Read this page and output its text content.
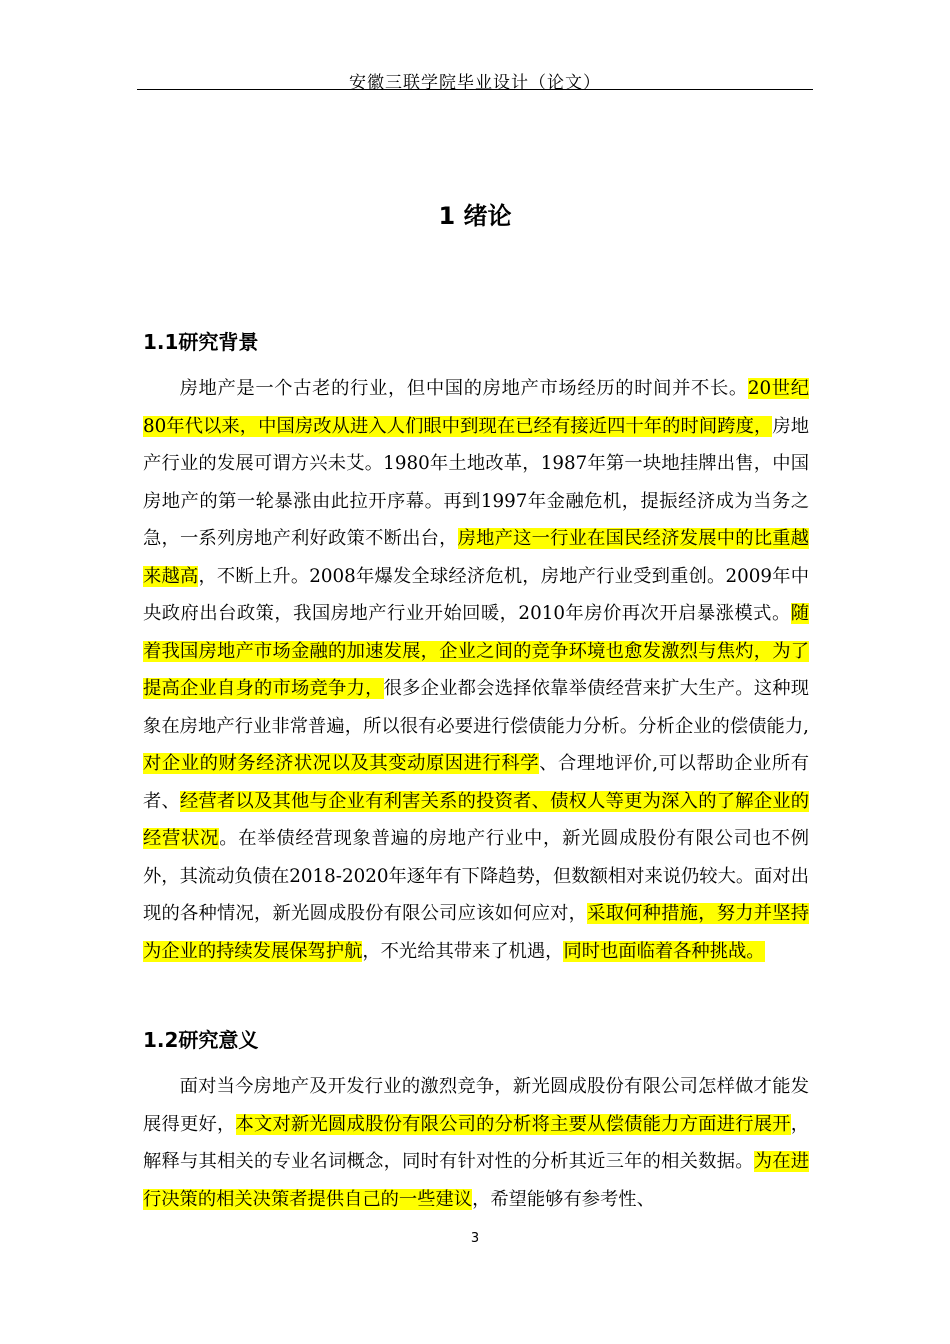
安徽三联学院毕业设计（论文）
1 绪论
1.1研究背景

房地产是一个古老的行业，但中国的房地产市场经历的时间并不长。20世纪80年代以来，中国房改从进入人们眼中到现在已经有接近四十年的时间跨度，房地产行业的发展可谓方兴未艾。1980年土地改革，1987年第一块地挂牌出售，中国房地产的第一轮暴涨由此拉开序幕。再到1997年金融危机，提振经济成为当务之急，一系列房地产利好政策不断出台，房地产这一行业在国民经济发展中的比重越来越高，不断上升。2008年爆发全球经济危机，房地产行业受到重创。2009年中央政府出台政策，我国房地产行业开始回暖，2010年房价再次开启暴涨模式。随着我国房地产市场金融的加速发展，企业之间的竞争环境也愈发激烈与焦灼，为了提高企业自身的市场竞争力，很多企业都会选择依靠举债经营来扩大生产。这种现象在房地产行业非常普遍，所以很有必要进行偿债能力分析。分析企业的偿债能力,对企业的财务经济状况以及其变动原因进行科学、合理地评价,可以帮助企业所有者、经营者以及其他与企业有利害关系的投资者、债权人等更为深入的了解企业的经营状况。在举债经营现象普遍的房地产行业中，新光圆成股份有限公司也不例外，其流动负债在2018-2020年逐年有下降趋势，但数额相对来说仍较大。面对出现的各种情况，新光圆成股份有限公司应该如何应对，采取何种措施，努力并坚持为企业的持续发展保驾护航，不光给其带来了机遇，同时也面临着各种挑战。

1.2研究意义

面对当今房地产及开发行业的激烈竞争，新光圆成股份有限公司怎样做才能发展得更好，本文对新光圆成股份有限公司的分析将主要从偿债能力方面进行展开，解释与其相关的专业名词概念，同时有针对性的分析其近三年的相关数据。为在进行决策的相关决策者提供自己的一些建议，希望能够有参考性、

3
